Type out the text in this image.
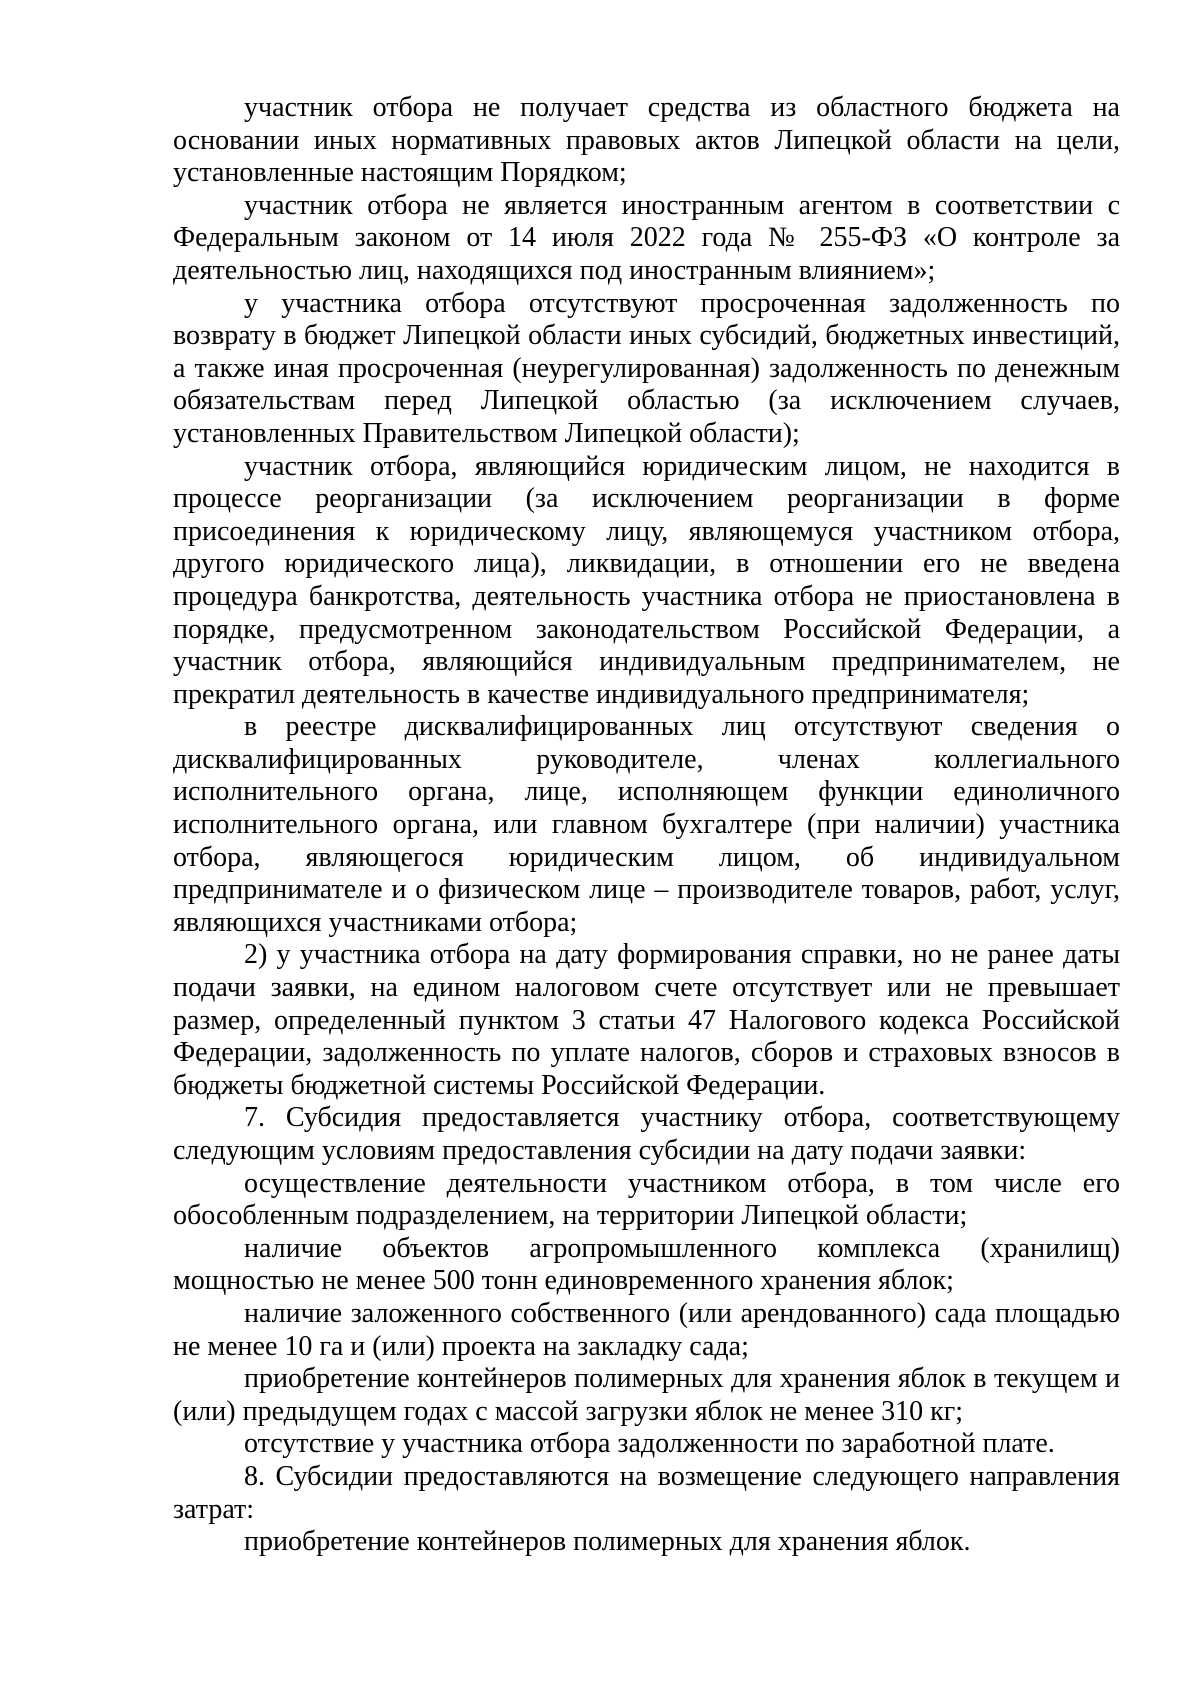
участник отбора не получает средства из областного бюджета на основании иных нормативных правовых актов Липецкой области на цели, установленные настоящим Порядком;

участник отбора не является иностранным агентом в соответствии с Федеральным законом от 14 июля 2022 года № 255-ФЗ «О контроле за деятельностью лиц, находящихся под иностранным влиянием»;

у участника отбора отсутствуют просроченная задолженность по возврату в бюджет Липецкой области иных субсидий, бюджетных инвестиций, а также иная просроченная (неурегулированная) задолженность по денежным обязательствам перед Липецкой областью (за исключением случаев, установленных Правительством Липецкой области);

участник отбора, являющийся юридическим лицом, не находится в процессе реорганизации (за исключением реорганизации в форме присоединения к юридическому лицу, являющемуся участником отбора, другого юридического лица), ликвидации, в отношении его не введена процедура банкротства, деятельность участника отбора не приостановлена в порядке, предусмотренном законодательством Российской Федерации, а участник отбора, являющийся индивидуальным предпринимателем, не прекратил деятельность в качестве индивидуального предпринимателя;

в реестре дисквалифицированных лиц отсутствуют сведения о дисквалифицированных руководителе, членах коллегиального исполнительного органа, лице, исполняющем функции единоличного исполнительного органа, или главном бухгалтере (при наличии) участника отбора, являющегося юридическим лицом, об индивидуальном предпринимателе и о физическом лице – производителе товаров, работ, услуг, являющихся участниками отбора;

2) у участника отбора на дату формирования справки, но не ранее даты подачи заявки, на едином налоговом счете отсутствует или не превышает размер, определенный пунктом 3 статьи 47 Налогового кодекса Российской Федерации, задолженность по уплате налогов, сборов и страховых взносов в бюджеты бюджетной системы Российской Федерации.

7. Субсидия предоставляется участнику отбора, соответствующему следующим условиям предоставления субсидии на дату подачи заявки:

осуществление деятельности участником отбора, в том числе его обособленным подразделением, на территории Липецкой области;

наличие объектов агропромышленного комплекса (хранилищ) мощностью не менее 500 тонн единовременного хранения яблок;

наличие заложенного собственного (или арендованного) сада площадью не менее 10 га и (или) проекта на закладку сада;

приобретение контейнеров полимерных для хранения яблок в текущем и (или) предыдущем годах с массой загрузки яблок не менее 310 кг;

отсутствие у участника отбора задолженности по заработной плате.

8. Субсидии предоставляются на возмещение следующего направления затрат:

приобретение контейнеров полимерных для хранения яблок.
